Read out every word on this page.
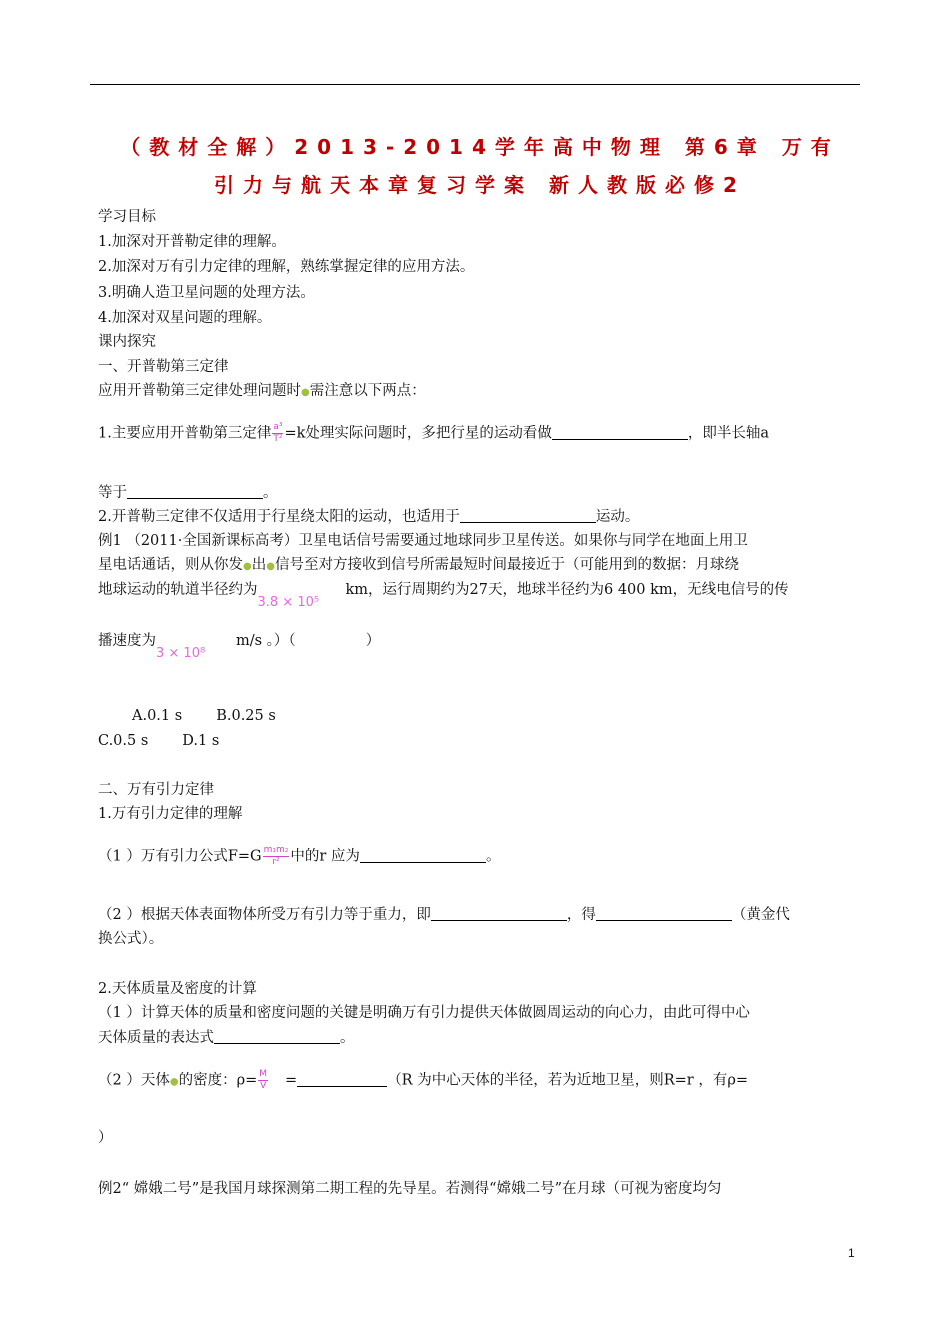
（教材全解）2013-2014学年高中物理 第6章 万有
引力与航天本章复习学案 新人教版必修2
学习目标
1.加深对开普勒定律的理解。
2.加深对万有引力定律的理解，熟练掌握定律的应用方法。
3.明确人造卫星问题的处理方法。
4.加深对双星问题的理解。
课内探究
一、开普勒第三定律
应用开普勒第三定律处理问题时●需注意以下两点：
1.主要应用开普勒第三定律 $\frac{\text{a³}}{\text{T²}} =k$处理实际问题时，多把行星的运动看做	，即半长轴a
等于	。
2.开普勒三定律不仅适用于行星绕太阳的运动，也适用于	运动。
例1 （2011·全国新课标高考）卫星电话信号需要通过地球同步卫星传送。如果你与同学在地面上用卫
星电话通话，则从你发●出●信号至对方接收到信号所需最短时间最接近于（可能用到的数据：月球绕
地球运动的轨道半径约为3.8 × 10⁵km，运行周期约为27天，地球半径约为6 400 km，无线电信号的传
播速度为3 × 10⁸m/s 。）（	）
A.0.1 s B.0.25 s
C.0.5 s D.1 s
二、万有引力定律
1.万有引力定律的理解
（1 ）万有引力公式$F=G \frac{\text{m₁m₂}}{\text{r²}}$ 中的r 应为	。
（2 ）根据天体表面物体所受万有引力等于重力，即	，得	（黄金代
换公式）。
2.天体质量及密度的计算
（1 ）计算天体的质量和密度问题的关键是明确万有引力提供天体做圆周运动的向心力，由此可得中心
天体质量的表达式	。
（2 ）天体●的密度：$\rho= \frac{M}{V}$ =	（R 为中心天体的半径，若为近地卫星，则R=r ，有ρ=
）
例2“ 嫦娥二号”是我国月球探测第二期工程的先导星。若测得“嫦娥二号”在月球（可视为密度均匀
1
